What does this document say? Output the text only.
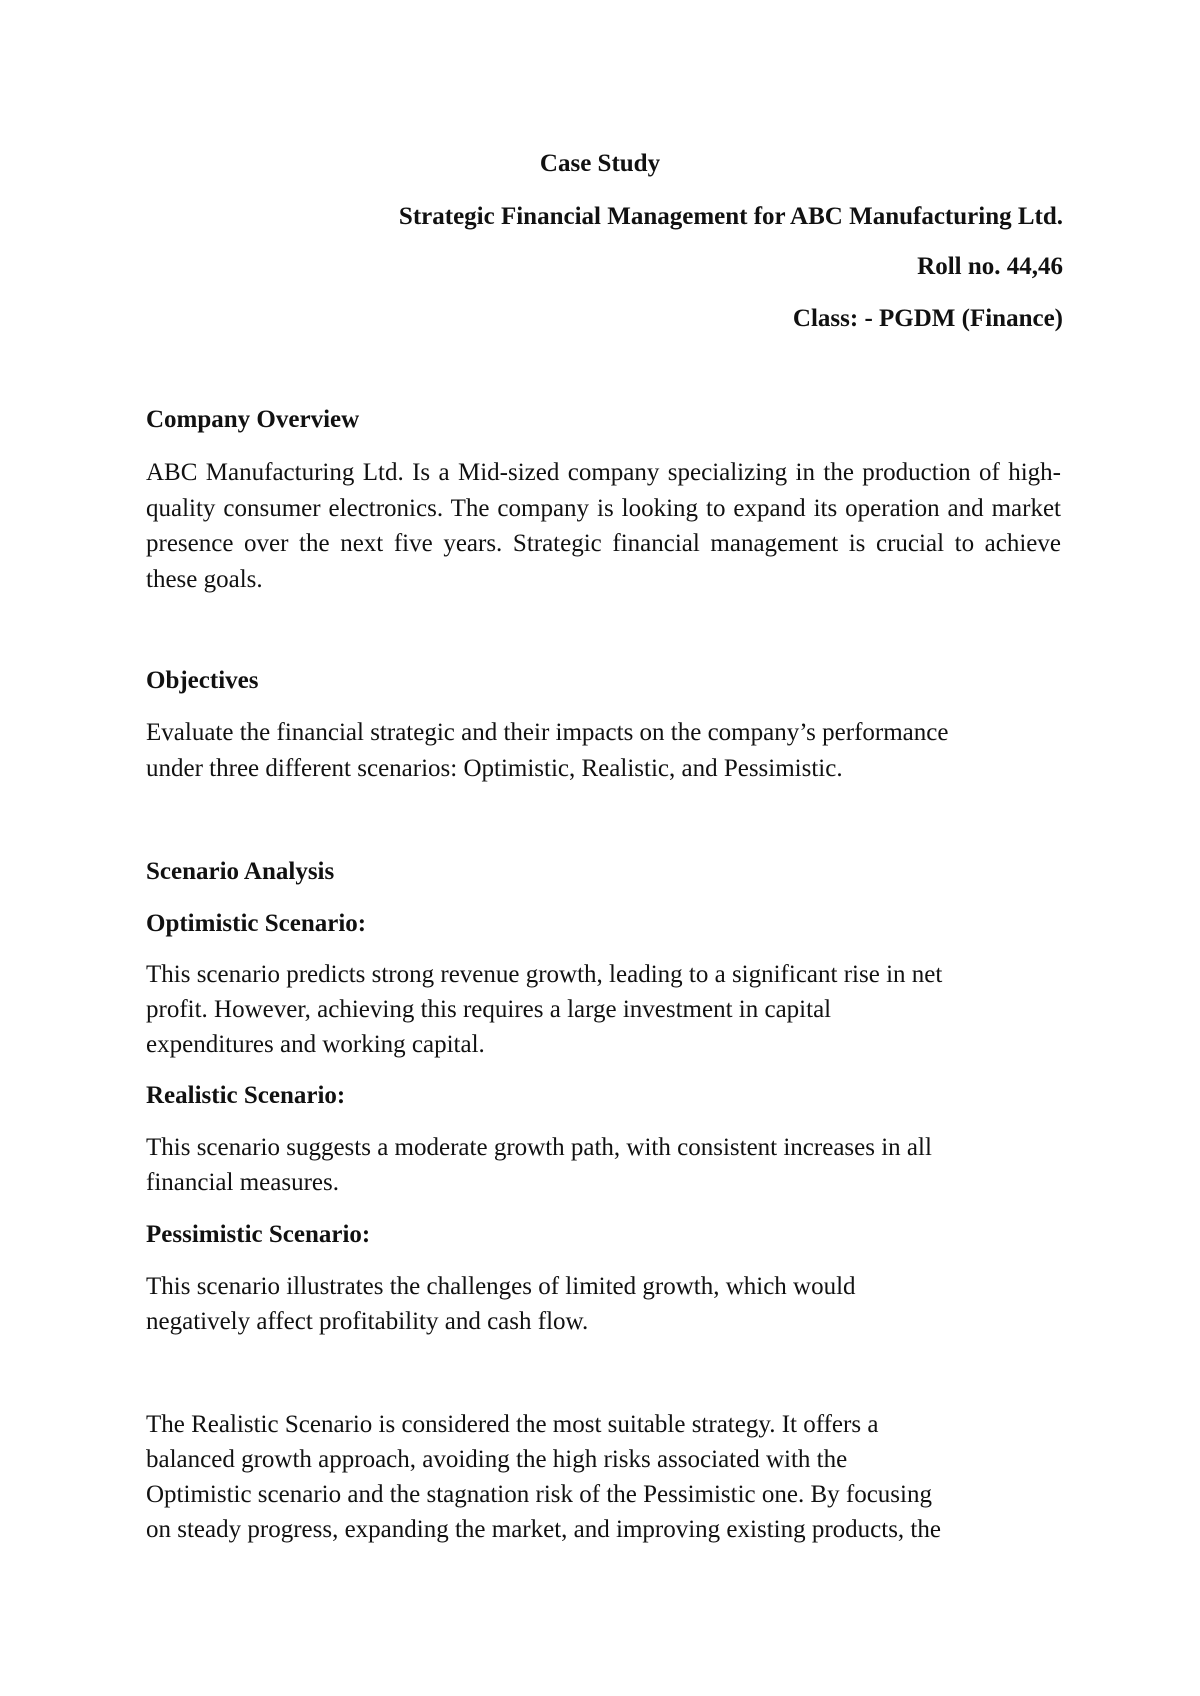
Case Study
Strategic Financial Management for ABC Manufacturing Ltd.
Roll no. 44,46
Class: - PGDM (Finance)
Company Overview
ABC Manufacturing Ltd. Is a Mid-sized company specializing in the production of high-quality consumer electronics. The company is looking to expand its operation and market presence over the next five years. Strategic financial management is crucial to achieve these goals.
Objectives
Evaluate the financial strategic and their impacts on the company’s performance
under three different scenarios: Optimistic, Realistic, and Pessimistic.
Scenario Analysis
Optimistic Scenario:
This scenario predicts strong revenue growth, leading to a significant rise in net
profit. However, achieving this requires a large investment in capital
expenditures and working capital.
Realistic Scenario:
This scenario suggests a moderate growth path, with consistent increases in all
financial measures.
Pessimistic Scenario:
This scenario illustrates the challenges of limited growth, which would
negatively affect profitability and cash flow.
The Realistic Scenario is considered the most suitable strategy. It offers a
balanced growth approach, avoiding the high risks associated with the
Optimistic scenario and the stagnation risk of the Pessimistic one. By focusing
on steady progress, expanding the market, and improving existing products, the
